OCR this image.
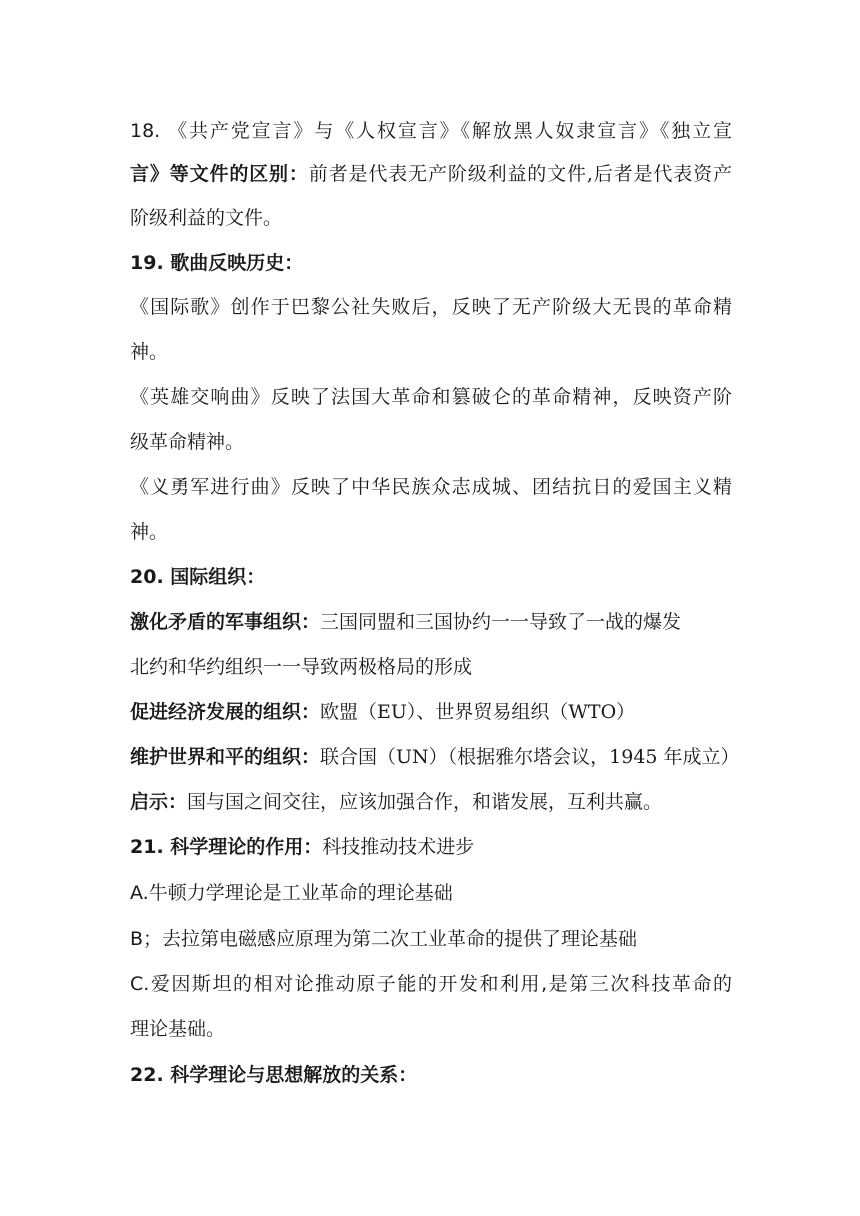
18. 《共产党宣言》与《人权宣言》《解放黑人奴隶宣言》《独立宣
言》等文件的区别：前者是代表无产阶级利益的文件,后者是代表资产
阶级利益的文件。
19. 歌曲反映历史：
《国际歌》创作于巴黎公社失败后，反映了无产阶级大无畏的革命精
神。
《英雄交响曲》反映了法国大革命和篡破仑的革命精神，反映资产阶
级革命精神。
《义勇军进行曲》反映了中华民族众志成城、团结抗日的爱国主义精
神。
20. 国际组织：
激化矛盾的军事组织：三国同盟和三国协约一一导致了一战的爆发
北约和华约组织一一导致两极格局的形成
促进经济发展的组织：欧盟（EU）、世界贸易组织（WTO）
维护世界和平的组织：联合国（UN）（根据雅尔塔会议，1945 年成立）
启示：国与国之间交往，应该加强合作，和谐发展，互利共赢。
21. 科学理论的作用：科技推动技术进步
A.牛顿力学理论是工业革命的理论基础
B；去拉第电磁感应原理为第二次工业革命的提供了理论基础
C.爱因斯坦的相对论推动原子能的开发和利用,是第三次科技革命的
理论基础。
22. 科学理论与思想解放的关系：
